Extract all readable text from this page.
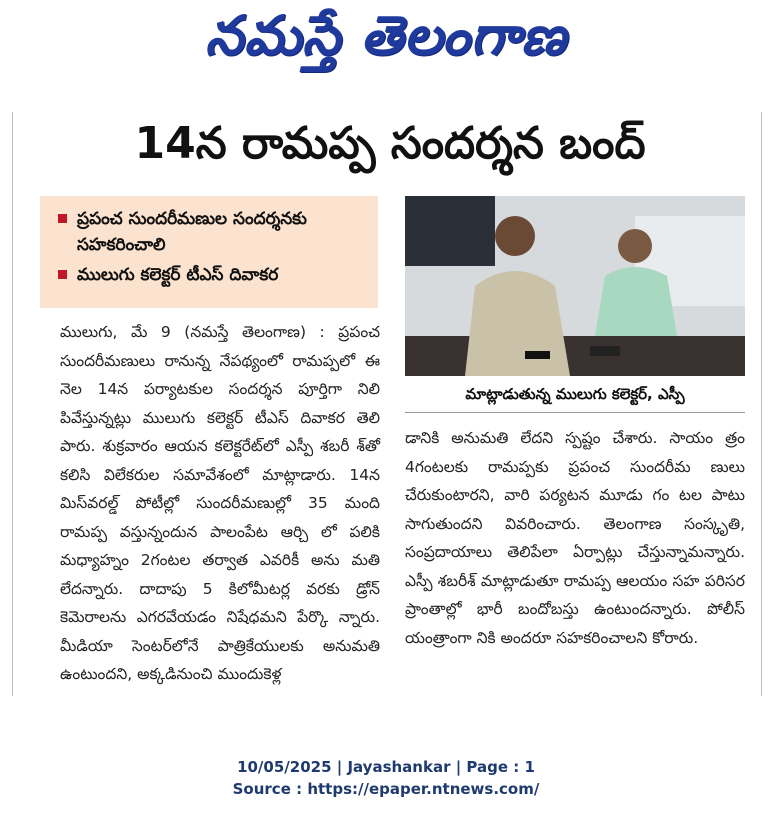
నమస్తే తెలంగాణ
14న రామప్ప సందర్శన బంద్
ప్రపంచ సుందరీమణుల సందర్శనకు సహకరించాలి
ములుగు కలెక్టర్ టీఎస్ దివాకర
ములుగు, మే 9 (నమస్తే తెలంగాణ) : ప్రపంచ సుందరీమణులు రానున్న నేపథ్యంలో రామప్పలో ఈ నెల 14న పర్యాటకుల సందర్శన పూర్తిగా నిలి పివేస్తున్నట్లు ములుగు కలెక్టర్ టీఎస్ దివాకర తెలి పారు. శుక్రవారం ఆయన కలెక్టరేట్‌లో ఎస్పీ శబరీ శ్‌తో కలిసి విలేకరుల సమావేశంలో మాట్లాడారు. 14న మిస్‌వరల్డ్ పోటీల్లో సుందరీమణుల్లో 35 మంది రామప్ప వస్తున్నందున పాలంపేట ఆర్చి లో పలికి మధ్యాహ్నం 2గంటల తర్వాత ఎవరికీ అను మతి లేదన్నారు. దాదాపు 5 కిలోమీటర్ల వరకు డ్రోన్ కెమెరాలను ఎగరవేయడం నిషేధమని పేర్కొ న్నారు. మీడియా సెంటర్‌లోనే పాత్రికేయులకు అనుమతి ఉంటుందని, అక్కడినుంచి ముందుకెళ్ల
మాట్లాడుతున్న ములుగు కలెక్టర్, ఎస్పీ
డానికి అనుమతి లేదని స్పష్టం చేశారు. సాయం త్రం 4గంటలకు రామప్పకు ప్రపంచ సుందరీమ ణులు చేరుకుంటారని, వారి పర్యటన మూడు గం టల పాటు సాగుతుందని వివరించారు. తెలంగాణ సంస్కృతి, సంప్రదాయాలు తెలిపేలా ఏర్పాట్లు చేస్తున్నామన్నారు. ఎస్పీ శబరీశ్ మాట్లాడుతూ రామప్ప ఆలయం సహ పరిసర ప్రాంతాల్లో భారీ బందోబస్తు ఉంటుందన్నారు. పోలీస్ యంత్రాంగా నికి అందరూ సహకరించాలని కోరారు.
10/05/2025 | Jayashankar | Page : 1
Source : https://epaper.ntnews.com/
